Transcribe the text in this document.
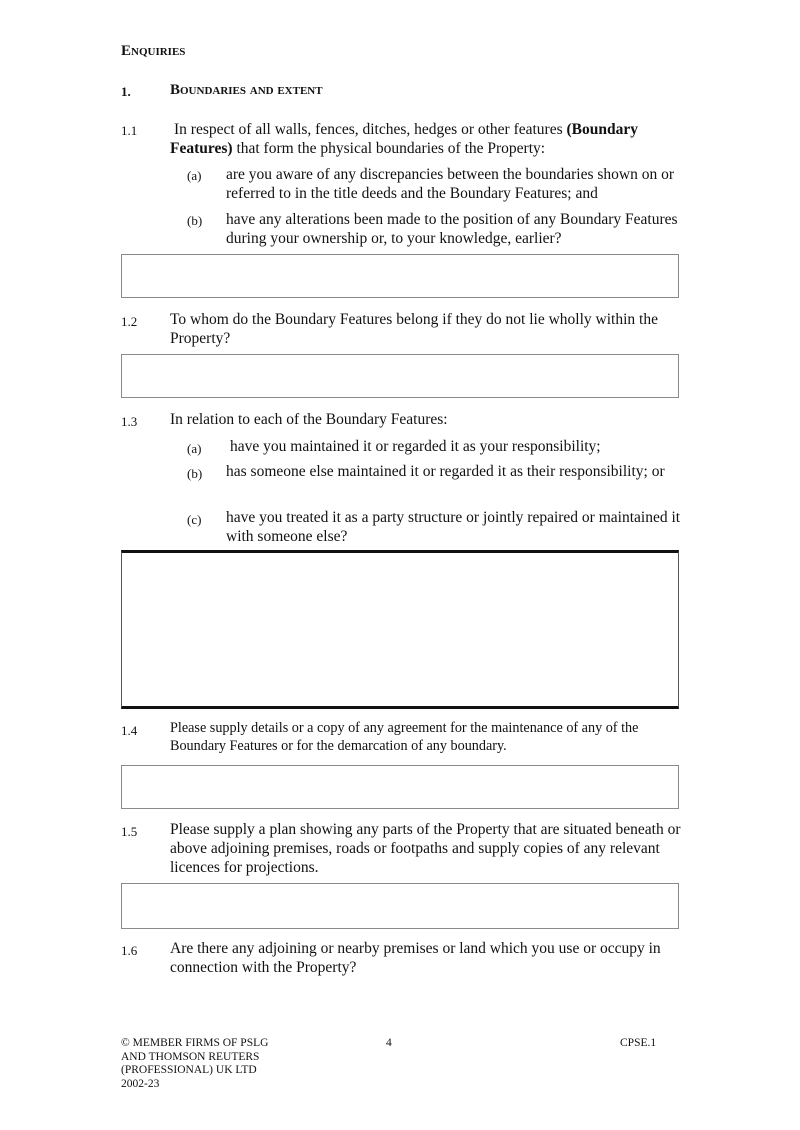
Enquiries
1.	Boundaries and extent
1.1 In respect of all walls, fences, ditches, hedges or other features (Boundary Features) that form the physical boundaries of the Property:
(a) are you aware of any discrepancies between the boundaries shown on or referred to in the title deeds and the Boundary Features; and
(b) have any alterations been made to the position of any Boundary Features during your ownership or, to your knowledge, earlier?
1.2 To whom do the Boundary Features belong if they do not lie wholly within the Property?
1.3 In relation to each of the Boundary Features:
(a) have you maintained it or regarded it as your responsibility;
(b) has someone else maintained it or regarded it as their responsibility; or
(c) have you treated it as a party structure or jointly repaired or maintained it with someone else?
1.4 Please supply details or a copy of any agreement for the maintenance of any of the Boundary Features or for the demarcation of any boundary.
1.5 Please supply a plan showing any parts of the Property that are situated beneath or above adjoining premises, roads or footpaths and supply copies of any relevant licences for projections.
1.6 Are there any adjoining or nearby premises or land which you use or occupy in connection with the Property?
© MEMBER FIRMS OF PSLG
AND THOMSON REUTERS
(PROFESSIONAL) UK LTD
2002-23
4	CPSE.1
